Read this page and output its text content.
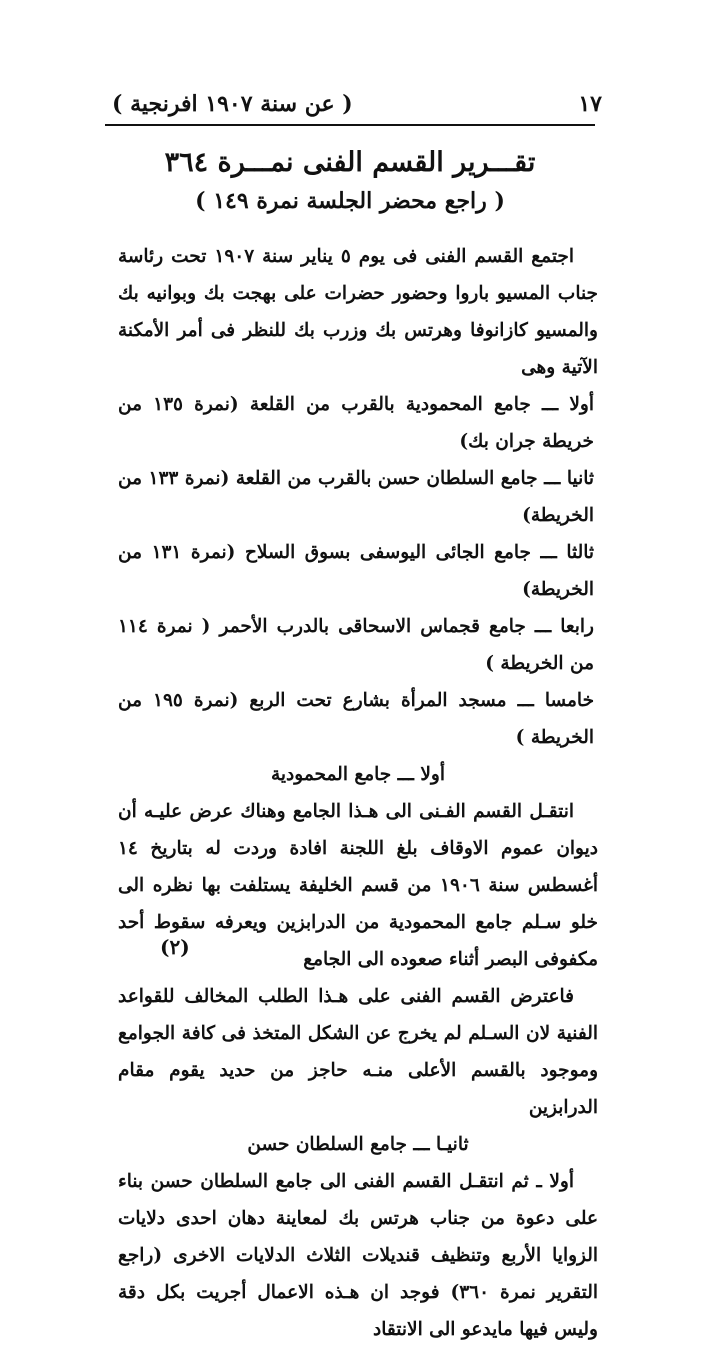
١٧
( عن سنة ١٩٠٧ افرنجية )
تقـــرير القسم الفنى نمـــرة ٣٦٤
( راجع محضر الجلسة نمرة ١٤٩ )

اجتمع القسم الفنى فى يوم ٥ يناير سنة ١٩٠٧ تحت رئاسة جناب المسيو باروا وحضور حضرات على بهجت بك وبوانيه بك والمسيو كازانوفا وهرتس بك وزرب بك للنظر فى أمر الأمكنة الآتية وهى

أولا ـــ جامع المحمودية بالقرب من القلعة (نمرة ١٣٥ من خريطة جران بك)

ثانيا ـــ جامع السلطان حسن بالقرب من القلعة (نمرة ١٣٣ من الخريطة)

ثالثا ـــ جامع الجائى اليوسفى بسوق السلاح (نمرة ١٣١ من الخريطة)

رابعا ـــ جامع قجماس الاسحاقى بالدرب الأحمر ( نمرة ١١٤ من الخريطة )

خامسا ـــ مسجد المرأة بشارع تحت الربع (نمرة ١٩٥ من الخريطة )

أولا ـــ جامع المحمودية

انتقـل القسم الفـنى الى هـذا الجامع وهناك عرض عليـه أن ديوان عموم الاوقاف بلغ اللجنة افادة وردت له بتاريخ ١٤ أغسطس سنة ١٩٠٦ من قسم الخليفة يستلفت بها نظره الى خلو سـلم جامع المحمودية من الدرابزين ويعرفه سقوط أحد مكفوفى البصر أثناء صعوده الى الجامع

فاعترض القسم الفنى على هـذا الطلب المخالف للقواعد الفنية لان السـلم لم يخرج عن الشكل المتخذ فى كافة الجوامع وموجود بالقسم الأعلى منـه حاجز من حديد يقوم مقام الدرابزين

ثانيـا ـــ جامع السلطان حسن

أولا ـ ثم انتقـل القسم الفنى الى جامع السلطان حسن بناء على دعوة من جناب هرتس بك لمعاينة دهان احدى دلايات الزوايا الأربع وتنظيف قنديلات الثلاث الدلايات الاخرى (راجع التقرير نمرة ٣٦٠) فوجد ان هـذه الاعمال أجريت بكل دقة وليس فيها مايدعو الى الانتقاد

(٢)
